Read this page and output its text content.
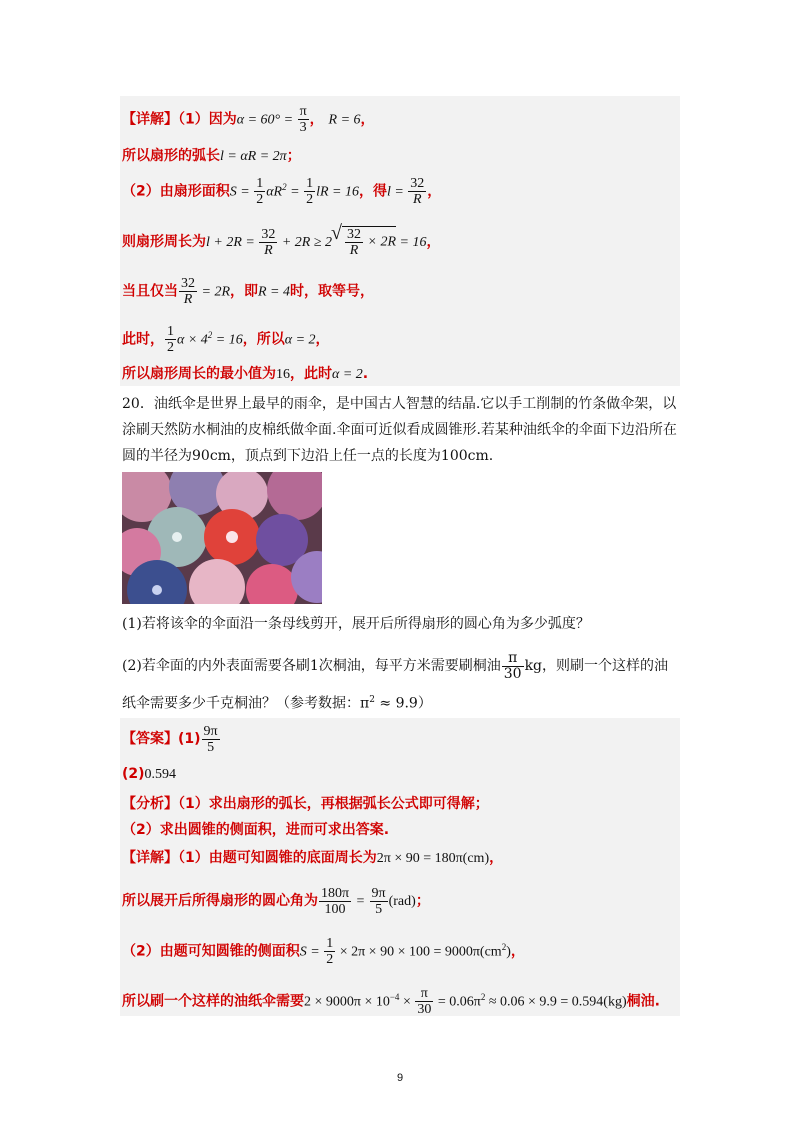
【详解】（1）因为$\alpha = 60^\circ = \frac{\pi}{3}$ ， R = 6，
所以扇形的弧长l = αR = 2π；
（2）由扇形面积$S = \frac{1}{2} \alpha R^2 = \frac{1}{2}$ lR = 16，得$l = \frac{32}{R}$ ，
则扇形周长为$l + 2R = \frac{32}{R} + 2R \ge 2$
√ $\frac{32}{R} \times 2R = 16$，
当且仅当 $\frac{32}{R} = 2R$，即R = 4时，取等号，
此时， $\frac{1}{2}$ $\alpha \times 4^2 = 16$，所以α = 2，
所以扇形周长的最小值为16，此时α = 2.
20．油纸伞是世界上最早的雨伞，是中国古人智慧的结晶.它以手工削制的竹条做伞架，以
涂刷天然防水桐油的皮棉纸做伞面.伞面可近似看成圆锥形.若某种油纸伞的伞面下边沿所在
圆的半径为90cm，顶点到下边沿上任一点的长度为100cm.
(1)若将该伞的伞面沿一条母线剪开，展开后所得扇形的圆心角为多少弧度？
(2)若伞面的内外表面需要各刷1次桐油，每平方米需要刷桐油 $\frac{\pi}{30}$ kg，则刷一个这样的油
纸伞需要多少千克桐油？（参考数据：$\pi^2 \approx 9.9$）
【答案】$(1) \frac{9\pi}{5}$
(2)0.594
【分析】（1）求出扇形的弧长，再根据弧长公式即可得解；
（2）求出圆锥的侧面积，进而可求出答案.
【详解】（1）由题可知圆锥的底面周长为2π × 90 = 180π(cm)，
所以展开后所得扇形的圆心角为 $\frac{180\pi}{100} = \frac{9\pi}{5} (rad)$；
（2）由题可知圆锥的侧面积$S = \frac{1}{2} \times 2\pi \times 90 \times 100 = 9000\pi(cm^2)$，
所以刷一个这样的油纸伞需要$2 \times 9000\pi \times 10^{-4} \times \frac{\pi}{30} = 0.06\pi^2 \approx 0.06 \times 9.9 = 0.594(kg)$桐油.
9
